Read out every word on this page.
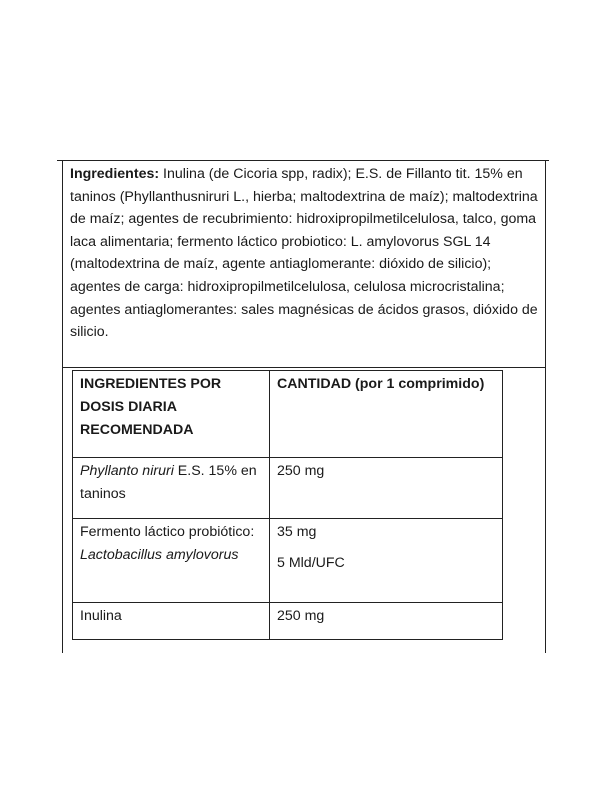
Ingredientes: Inulina (de Cicoria spp, radix); E.S. de Fillanto tit. 15% en taninos (Phyllanthusniruri L., hierba; maltodextrina de maíz); maltodextrina de maíz; agentes de recubrimiento: hidroxipropilmetilcelulosa, talco, goma laca alimentaria; fermento láctico probiotico: L. amylovorus SGL 14 (maltodextrina de maíz, agente antiaglomerante: dióxido de silicio); agentes de carga: hidroxipropilmetilcelulosa, celulosa microcristalina; agentes antiaglomerantes: sales magnésicas de ácidos grasos, dióxido de silicio.
INGREDIENTES POR DOSIS DIARIA RECOMENDADA	CANTIDAD (por 1 comprimido)
Phyllanto niruri E.S. 15% en taninos	250 mg
Fermento láctico probiótico: Lactobacillus amylovorus	35 mg
5 Mld/UFC

Inulina	250 mg
